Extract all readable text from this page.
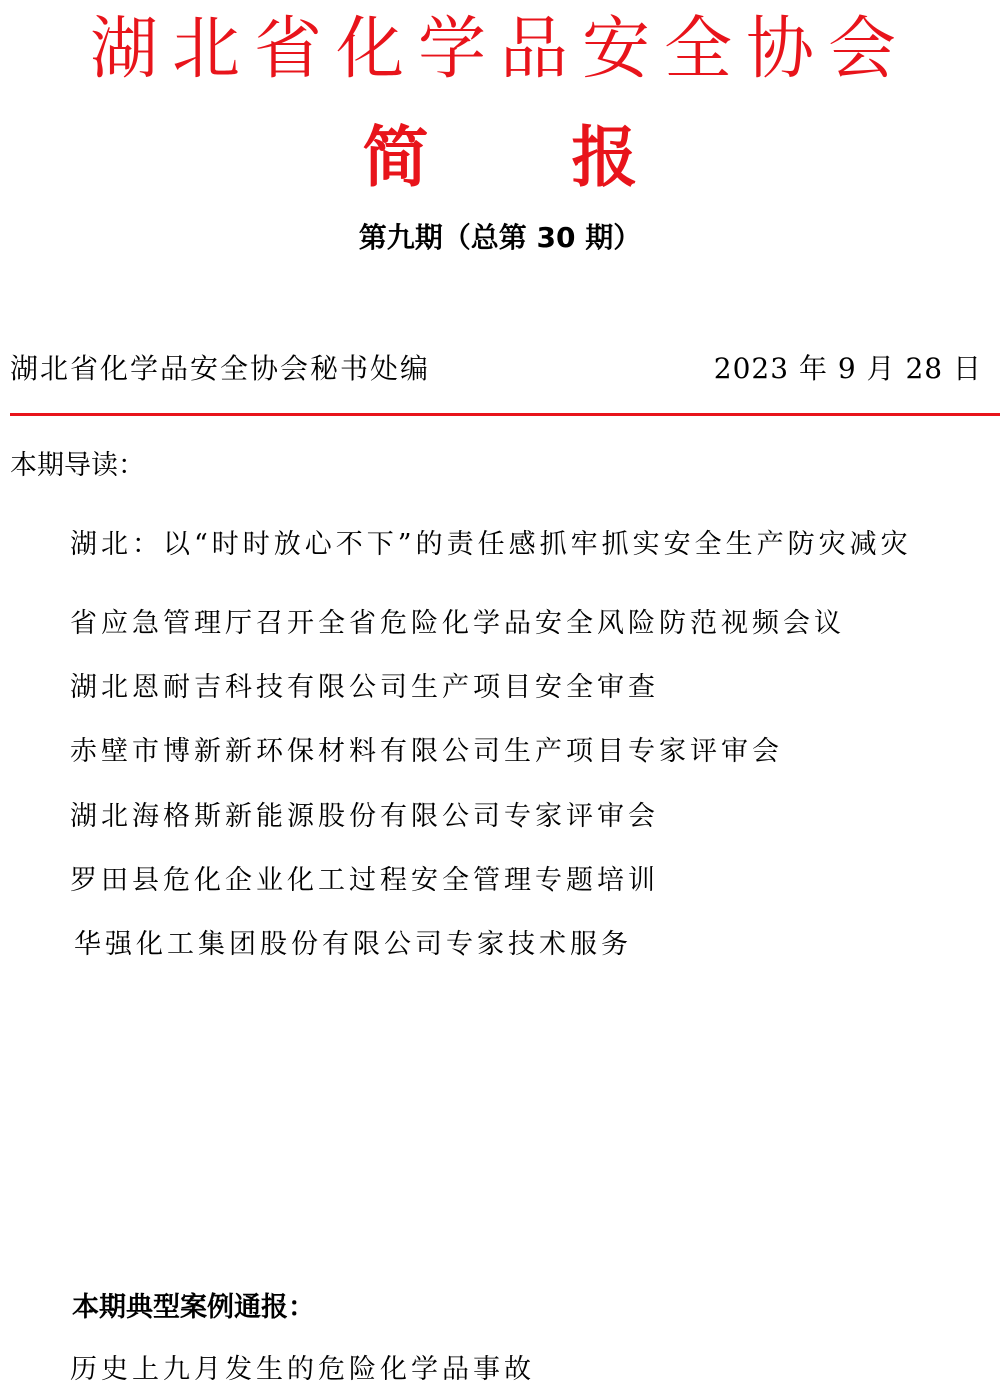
湖北省化学品安全协会
简 报
第九期（总第 30 期）
湖北省化学品安全协会秘书处编	2023 年 9 月 28 日
本期导读：
湖北：以“时时放心不下”的责任感抓牢抓实安全生产防灾减灾
省应急管理厅召开全省危险化学品安全风险防范视频会议
湖北恩耐吉科技有限公司生产项目安全审查
赤壁市博新新环保材料有限公司生产项目专家评审会
湖北海格斯新能源股份有限公司专家评审会
罗田县危化企业化工过程安全管理专题培训
华强化工集团股份有限公司专家技术服务
本期典型案例通报：
历史上九月发生的危险化学品事故
